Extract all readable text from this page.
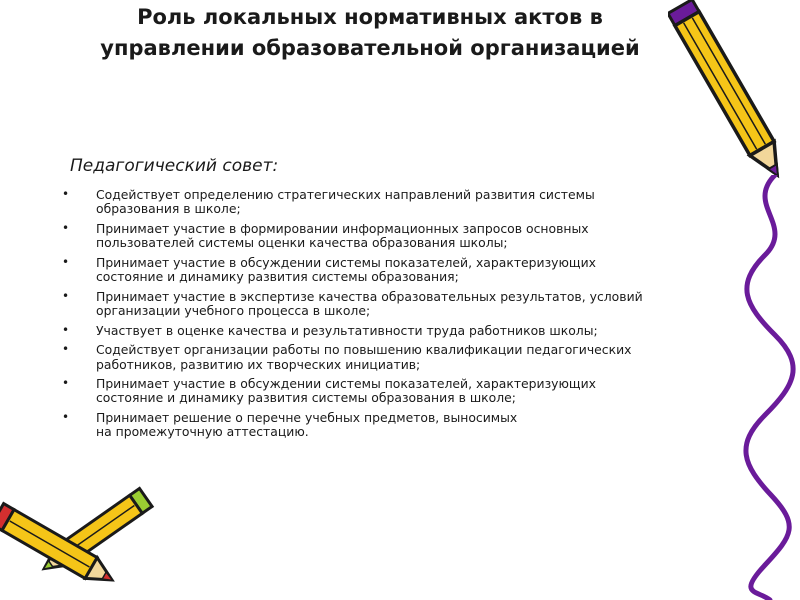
Роль локальных нормативных актов в
управлении образовательной организацией
Педагогический совет:
• Содействует определению стратегических направлений развития системы
образования в школе;
• Принимает участие в формировании информационных запросов основных
пользователей системы оценки качества образования школы;
• Принимает участие в обсуждении системы показателей, характеризующих
состояние и динамику развития системы образования;
• Принимает участие в экспертизе качества образовательных результатов, условий
организации учебного процесса в школе;
• Участвует в оценке качества и результативности труда работников школы;
• Содействует организации работы по повышению квалификации педагогических
работников, развитию их творческих инициатив;
• Принимает участие в обсуждении системы показателей, характеризующих
состояние и динамику развития системы образования в школе;
• Принимает решение о перечне учебных предметов, выносимых
на промежуточную аттестацию.
